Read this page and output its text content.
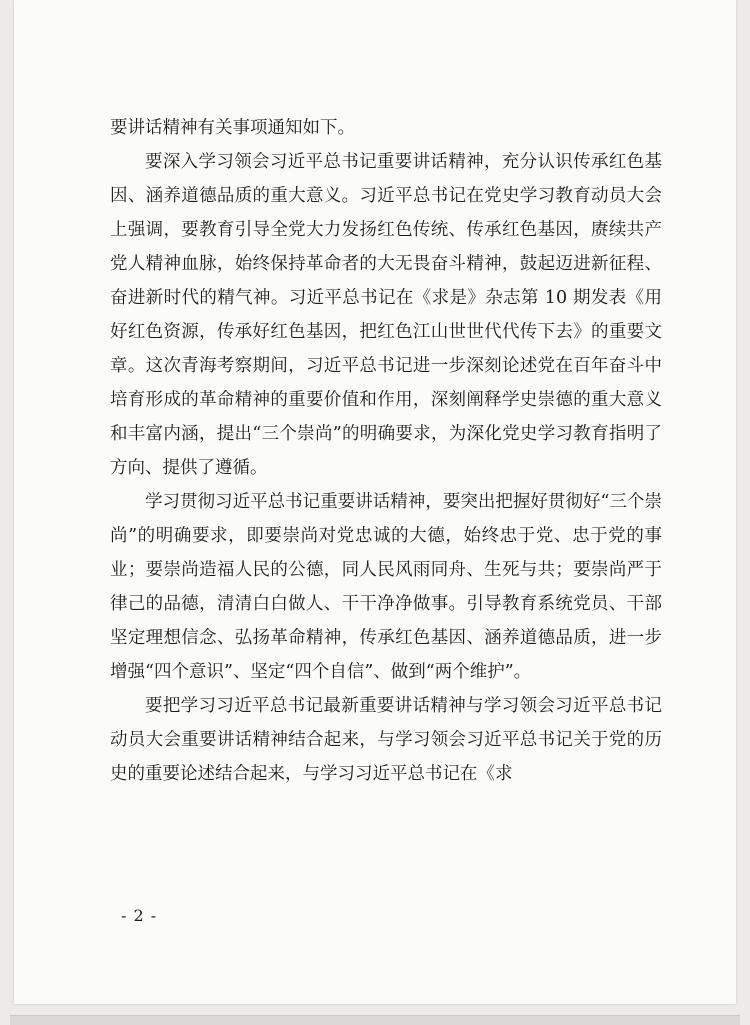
要讲话精神有关事项通知如下。

要深入学习领会习近平总书记重要讲话精神，充分认识传承红色基因、涵养道德品质的重大意义。习近平总书记在党史学习教育动员大会上强调，要教育引导全党大力发扬红色传统、传承红色基因，赓续共产党人精神血脉，始终保持革命者的大无畏奋斗精神，鼓起迈进新征程、奋进新时代的精气神。习近平总书记在《求是》杂志第 10 期发表《用好红色资源，传承好红色基因，把红色江山世世代代传下去》的重要文章。这次青海考察期间，习近平总书记进一步深刻论述党在百年奋斗中培育形成的革命精神的重要价值和作用，深刻阐释学史崇德的重大意义和丰富内涵，提出“三个崇尚”的明确要求，为深化党史学习教育指明了方向、提供了遵循。

学习贯彻习近平总书记重要讲话精神，要突出把握好贯彻好“三个崇尚”的明确要求，即要崇尚对党忠诚的大德，始终忠于党、忠于党的事业；要崇尚造福人民的公德，同人民风雨同舟、生死与共；要崇尚严于律己的品德，清清白白做人、干干净净做事。引导教育系统党员、干部坚定理想信念、弘扬革命精神，传承红色基因、涵养道德品质，进一步增强“四个意识”、坚定“四个自信”、做到“两个维护”。

要把学习习近平总书记最新重要讲话精神与学习领会习近平总书记动员大会重要讲话精神结合起来，与学习领会习近平总书记关于党的历史的重要论述结合起来，与学习习近平总书记在《求

- 2 -
